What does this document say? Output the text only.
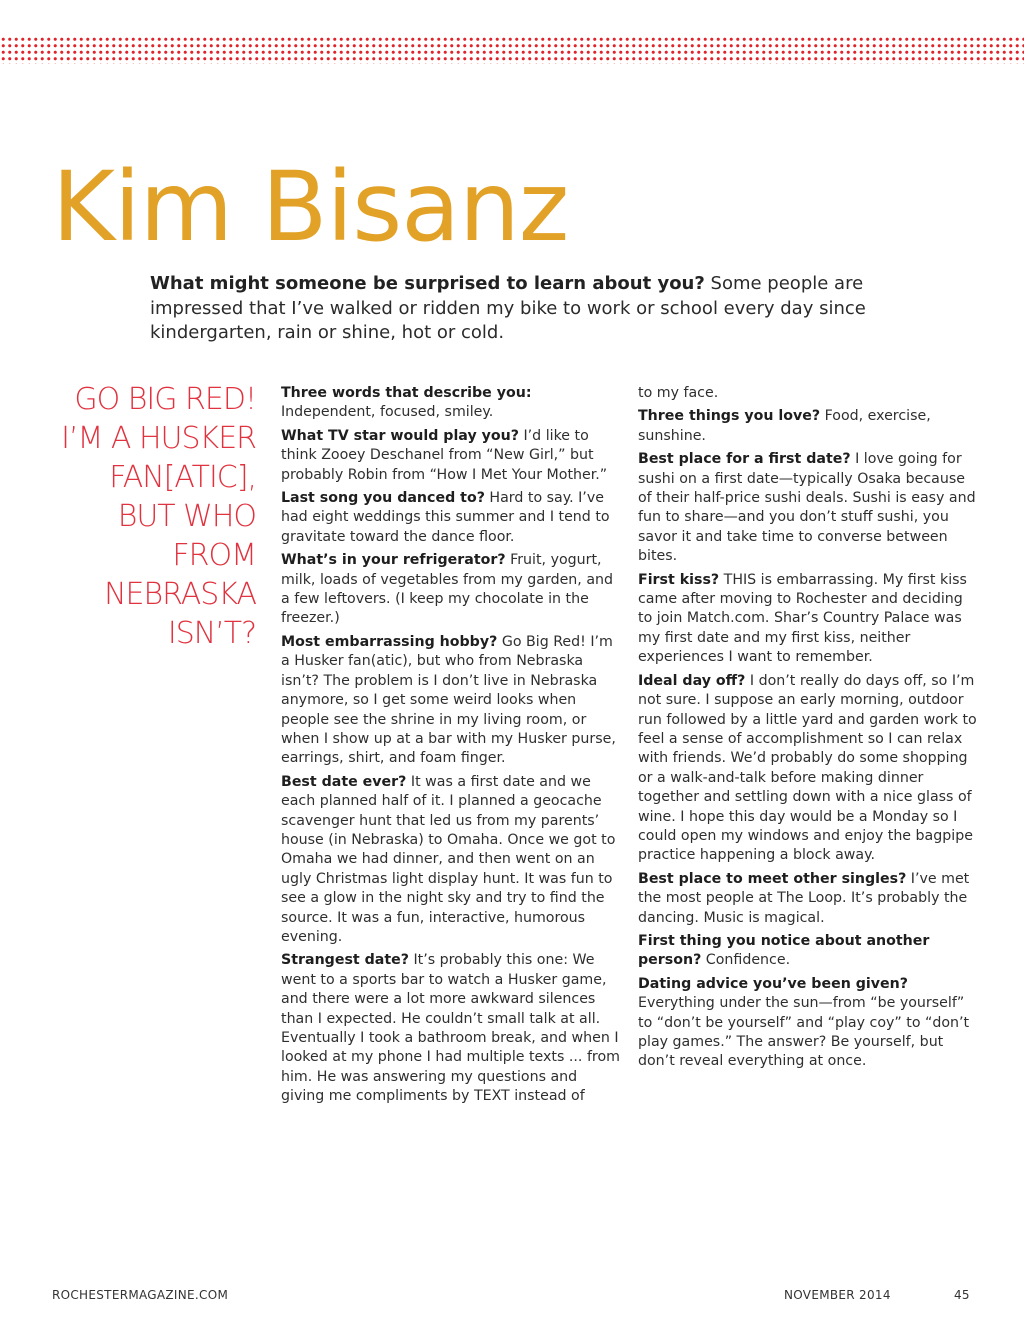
Kim Bisanz

What might someone be surprised to learn about you? Some people are impressed that I’ve walked or ridden my bike to work or school every day since kindergarten, rain or shine, hot or cold.

GO BIG RED!
I’M A HUSKER
FAN[ATIC],
BUT WHO
FROM
NEBRASKA
ISN’T?

Three words that describe you: Independent, focused, smiley.

What TV star would play you? I’d like to think Zooey Deschanel from “New Girl,” but probably Robin from “How I Met Your Mother.”

Last song you danced to? Hard to say. I’ve had eight weddings this summer and I tend to gravitate toward the dance floor.

What’s in your refrigerator? Fruit, yogurt, milk, loads of vegetables from my garden, and a few leftovers. (I keep my chocolate in the freezer.)

Most embarrassing hobby? Go Big Red! I’m a Husker fan(atic), but who from Nebraska isn’t? The problem is I don’t live in Nebraska anymore, so I get some weird looks when people see the shrine in my living room, or when I show up at a bar with my Husker purse, earrings, shirt, and foam finger.

Best date ever? It was a first date and we each planned half of it. I planned a geocache scavenger hunt that led us from my parents’ house (in Nebraska) to Omaha. Once we got to Omaha we had dinner, and then went on an ugly Christmas light display hunt. It was fun to see a glow in the night sky and try to find the source. It was a fun, interactive, humorous evening.

Strangest date? It’s probably this one: We went to a sports bar to watch a Husker game, and there were a lot more awkward silences than I expected. He couldn’t small talk at all. Eventually I took a bathroom break, and when I looked at my phone I had multiple texts ... from him. He was answering my questions and giving me compliments by TEXT instead of

to my face.

Three things you love? Food, exercise, sunshine.

Best place for a first date? I love going for sushi on a first date—typically Osaka because of their half-price sushi deals. Sushi is easy and fun to share—and you don’t stuff sushi, you savor it and take time to converse between bites.

First kiss? THIS is embarrassing. My first kiss came after moving to Rochester and deciding to join Match.com. Shar’s Country Palace was my first date and my first kiss, neither experiences I want to remember.

Ideal day off? I don’t really do days off, so I’m not sure. I suppose an early morning, outdoor run followed by a little yard and garden work to feel a sense of accomplishment so I can relax with friends. We’d probably do some shopping or a walk-and-talk before making dinner together and settling down with a nice glass of wine. I hope this day would be a Monday so I could open my windows and enjoy the bagpipe practice happening a block away.

Best place to meet other singles? I’ve met the most people at The Loop. It’s probably the dancing. Music is magical.

First thing you notice about another person? Confidence.

Dating advice you’ve been given? Everything under the sun—from “be yourself” to “don’t be yourself” and “play coy” to “don’t play games.” The answer? Be yourself, but don’t reveal everything at once.

ROCHESTERMAGAZINE.COM	NOVEMBER 2014	45
